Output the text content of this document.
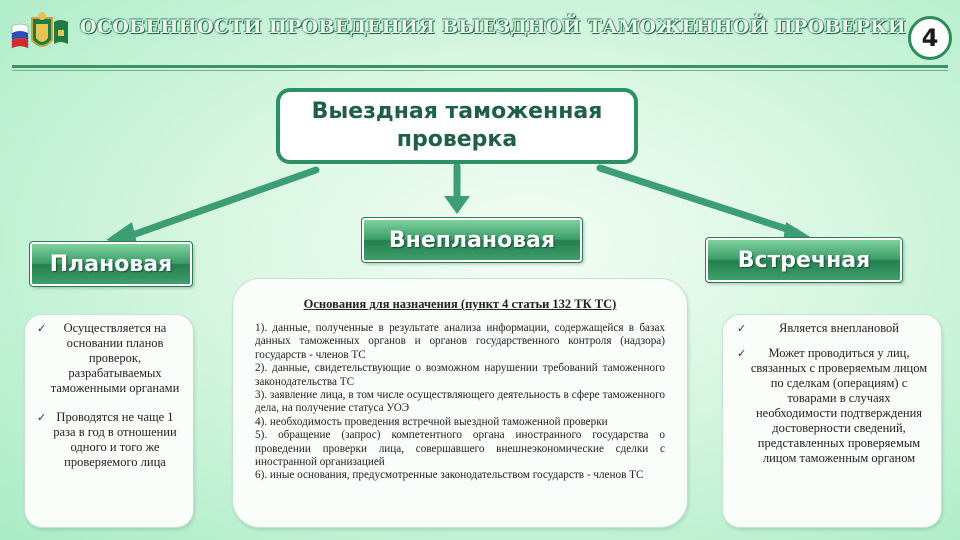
ОСОБЕННОСТИ ПРОВЕДЕНИЯ ВЫЕЗДНОЙ ТАМОЖЕННОЙ ПРОВЕРКИ 4
Выездная таможенная проверка
Плановая
Внеплановая
Встречная
✓ Осуществляется на основании планов проверок, разрабатываемых таможенными органами
✓ Проводятся не чаще 1 раза в год в отношении одного и того же проверяемого лица
Основания для назначения (пункт 4 статьи 132 ТК ТС)

1). данные, полученные в результате анализа информации, содержащейся в базах данных таможенных органов и органов государственного контроля (надзора) государств - членов ТС

2). данные, свидетельствующие о возможном нарушении требований таможенного законодательства ТС

3). заявление лица, в том числе осуществляющего деятельность в сфере таможенного дела, на получение статуса УОЭ

4). необходимость проведения встречной выездной таможенной проверки

5). обращение (запрос) компетентного органа иностранного государства о проведении проверки лица, совершавшего внешнеэкономические сделки с иностранной организацией

6). иные основания, предусмотренные законодательством государств - членов ТС

✓	Является внеплановой
✓ Может проводиться у лиц, связанных с проверяемым лицом по сделкам (операциям) с товарами в случаях необходимости подтверждения достоверности сведений, представленных проверяемым лицом таможенным органом
